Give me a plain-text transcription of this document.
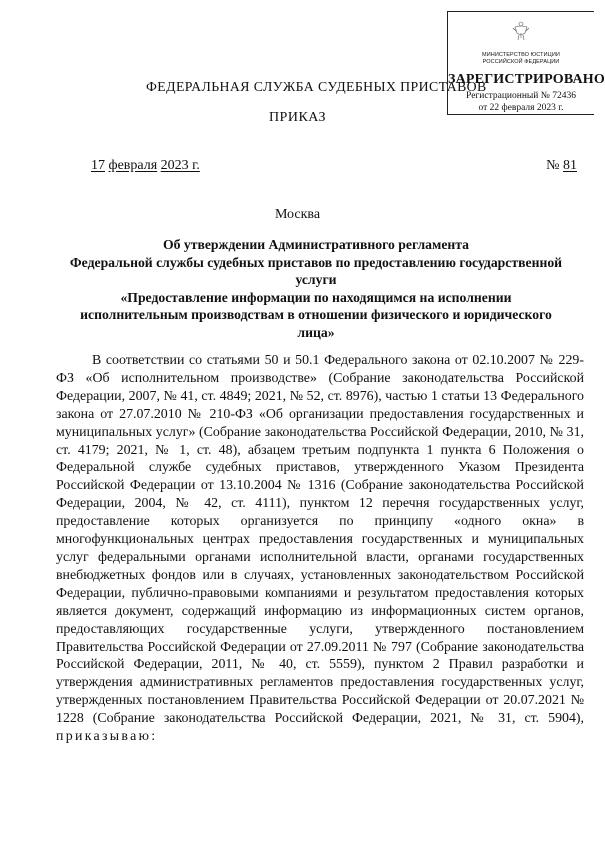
МИНИСТЕРСТВО ЮСТИЦИИ
РОССИЙСКОЙ ФЕДЕРАЦИИ
ЗАРЕГИСТРИРОВАНО
Регистрационный № 72436
от 22 февраля 2023 г.
ФЕДЕРАЛЬНАЯ СЛУЖБА СУДЕБНЫХ ПРИСТАВОВ
ПРИКАЗ
17 февраля 2023 г.	№ 81
Москва
Об утверждении Административного регламента
Федеральной службы судебных приставов по предоставлению государственной
услуги
«Предоставление информации по находящимся на исполнении
исполнительным производствам в отношении физического и юридического
лица»

В соответствии со статьями 50 и 50.1 Федерального закона от 02.10.2007 № 229-ФЗ «Об исполнительном производстве» (Собрание законодательства Российской Федерации, 2007, № 41, ст. 4849; 2021, № 52, ст. 8976), частью 1 статьи 13 Федерального закона от 27.07.2010 № 210-ФЗ «Об организации предоставления государственных и муниципальных услуг» (Собрание законодательства Российской Федерации, 2010, № 31, ст. 4179; 2021, № 1, ст. 48), абзацем третьим подпункта 1 пункта 6 Положения о Федеральной службе судебных приставов, утвержденного Указом Президента Российской Федерации от 13.10.2004 № 1316 (Собрание законодательства Российской Федерации, 2004, № 42, ст. 4111), пунктом 12 перечня государственных услуг, предоставление которых организуется по принципу «одного окна» в многофункциональных центрах предоставления государственных и муниципальных услуг федеральными органами исполнительной власти, органами государственных внебюджетных фондов или в случаях, установленных законодательством Российской Федерации, публично-правовыми компаниями и результатом предоставления которых является документ, содержащий информацию из информационных систем органов, предоставляющих государственные услуги, утвержденного постановлением Правительства Российской Федерации от 27.09.2011 № 797 (Собрание законодательства Российской Федерации, 2011, № 40, ст. 5559), пунктом 2 Правил разработки и утверждения административных регламентов предоставления государственных услуг, утвержденных постановлением Правительства Российской Федерации от 20.07.2021 № 1228 (Собрание законодательства Российской Федерации, 2021, № 31, ст. 5904), приказываю:
